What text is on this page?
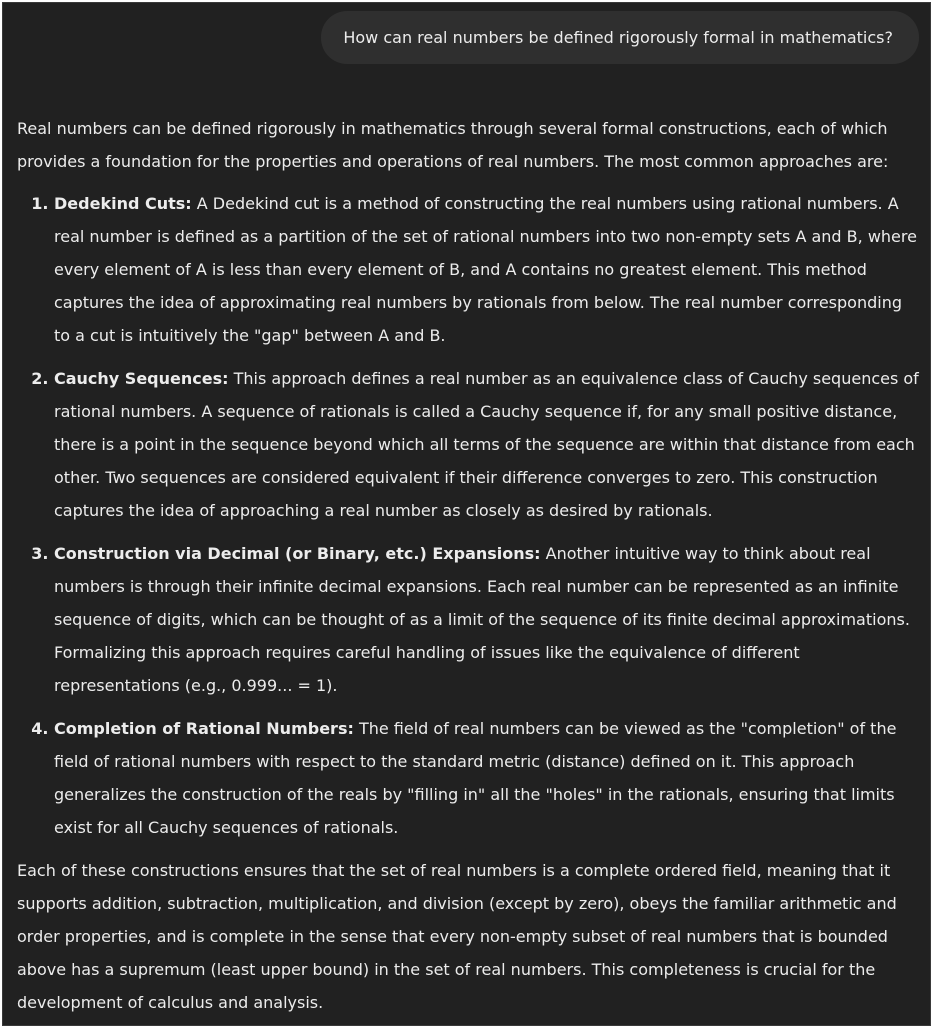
How can real numbers be defined rigorously formal in mathematics?

Real numbers can be defined rigorously in mathematics through several formal constructions, each of which provides a foundation for the properties and operations of real numbers. The most common approaches are:

1. Dedekind Cuts: A Dedekind cut is a method of constructing the real numbers using rational numbers. A real number is defined as a partition of the set of rational numbers into two non-empty sets A and B, where every element of A is less than every element of B, and A contains no greatest element. This method captures the idea of approximating real numbers by rationals from below. The real number corresponding to a cut is intuitively the "gap" between A and B.
2. Cauchy Sequences: This approach defines a real number as an equivalence class of Cauchy sequences of rational numbers. A sequence of rationals is called a Cauchy sequence if, for any small positive distance, there is a point in the sequence beyond which all terms of the sequence are within that distance from each other. Two sequences are considered equivalent if their difference converges to zero. This construction captures the idea of approaching a real number as closely as desired by rationals.
3. Construction via Decimal (or Binary, etc.) Expansions: Another intuitive way to think about real numbers is through their infinite decimal expansions. Each real number can be represented as an infinite sequence of digits, which can be thought of as a limit of the sequence of its finite decimal approximations. Formalizing this approach requires careful handling of issues like the equivalence of different representations (e.g., 0.999... = 1).
4. Completion of Rational Numbers: The field of real numbers can be viewed as the "completion" of the field of rational numbers with respect to the standard metric (distance) defined on it. This approach generalizes the construction of the reals by "filling in" all the "holes" in the rationals, ensuring that limits exist for all Cauchy sequences of rationals.

Each of these constructions ensures that the set of real numbers is a complete ordered field, meaning that it supports addition, subtraction, multiplication, and division (except by zero), obeys the familiar arithmetic and order properties, and is complete in the sense that every non-empty subset of real numbers that is bounded above has a supremum (least upper bound) in the set of real numbers. This completeness is crucial for the development of calculus and analysis.
